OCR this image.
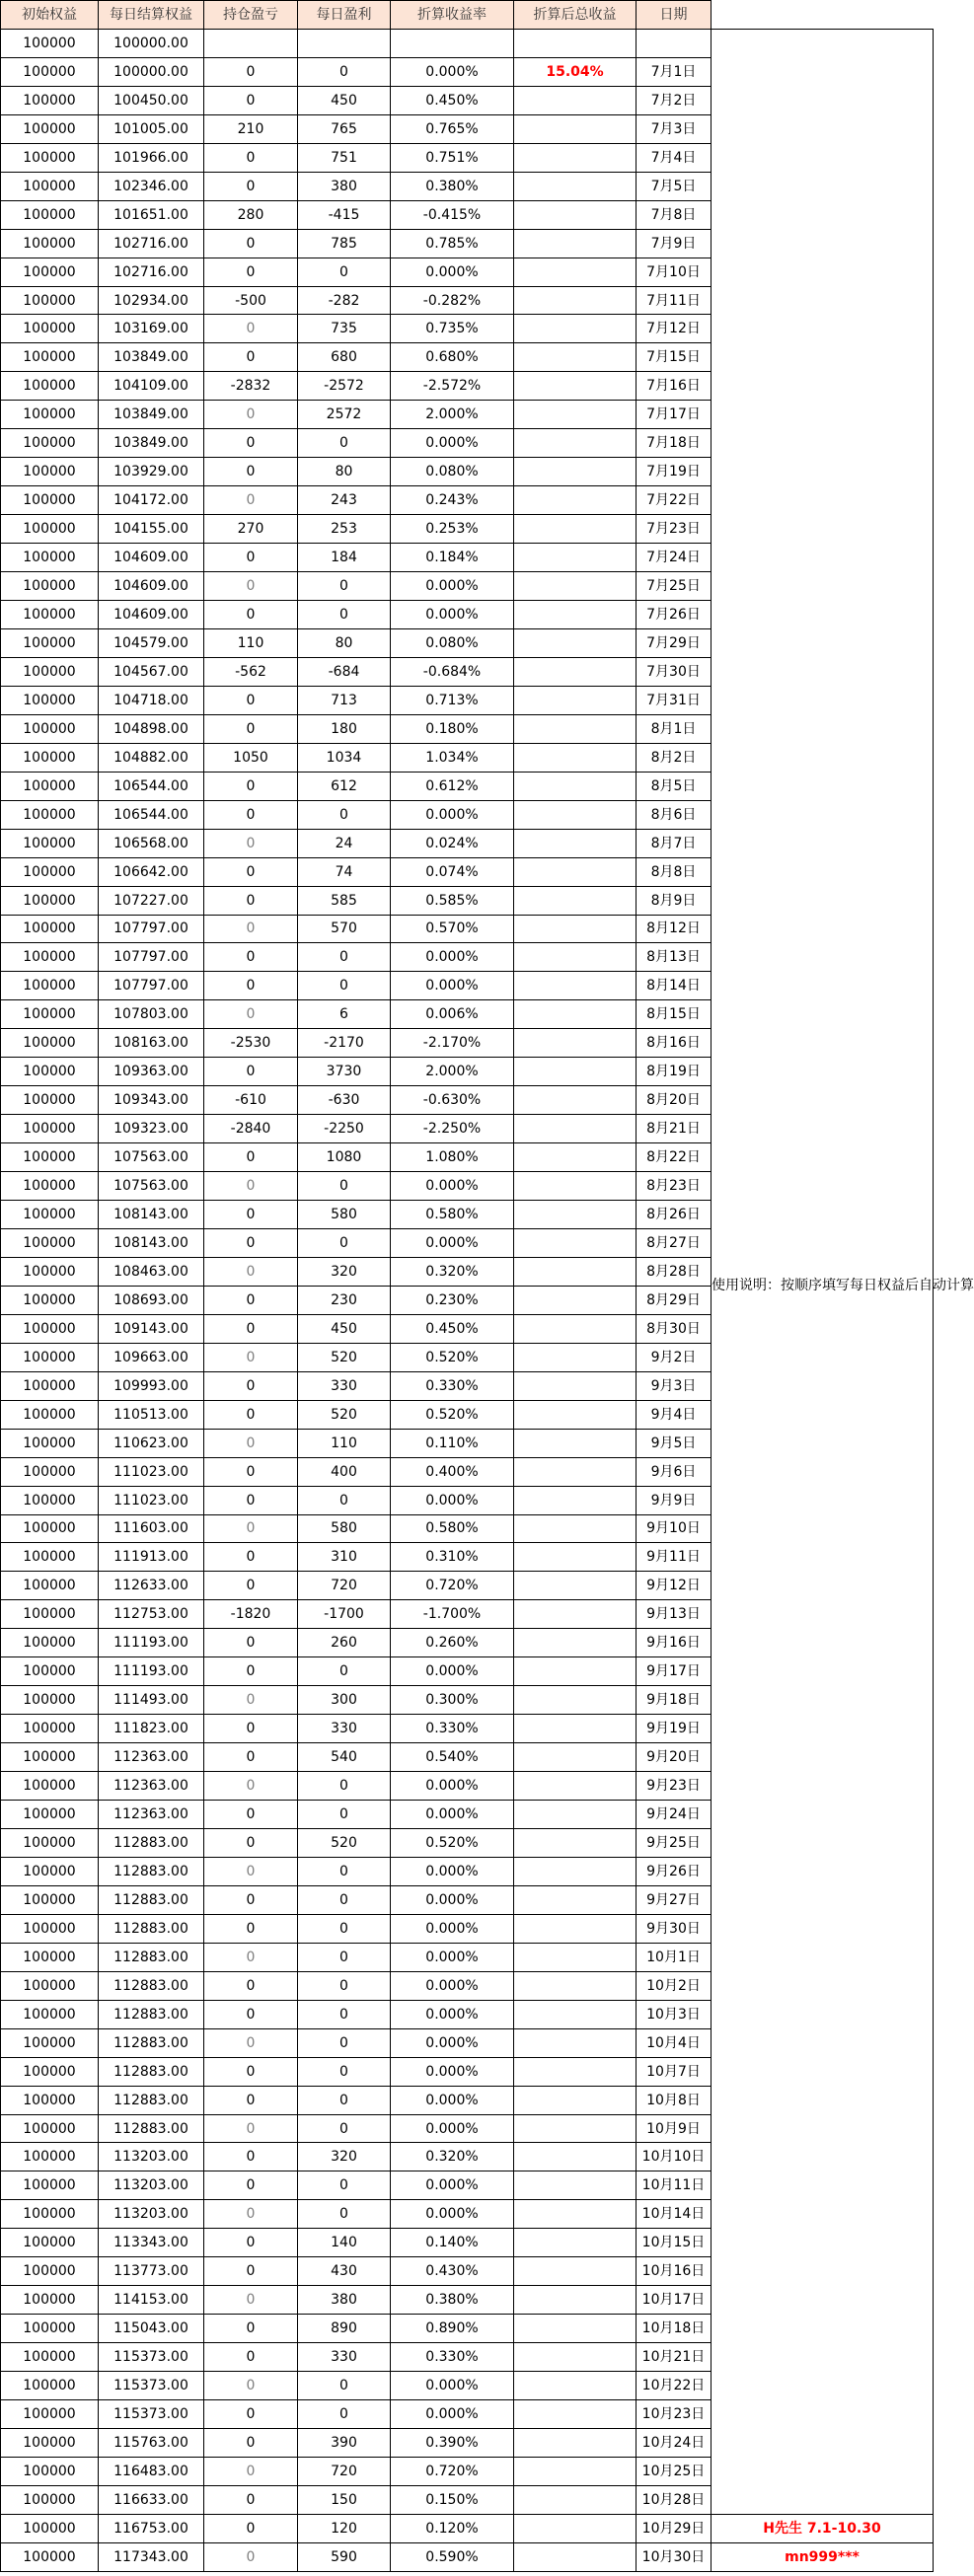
初始权益	每日结算权益	持仓盈亏	每日盈利	折算收益率	折算后总收益	日期	
100000	100000.00						
100000	100000.00	0	0	0.000%	15.04%	7月1日	使用说明：按顺序填写每日权益后自动计算
100000	100450.00	0	450	0.450%		7月2日	
100000	101005.00	210	765	0.765%		7月3日	
100000	101966.00	0	751	0.751%		7月4日	
100000	102346.00	0	380	0.380%		7月5日	
100000	101651.00	280	-415	-0.415%		7月8日	
100000	102716.00	0	785	0.785%		7月9日	
100000	102716.00	0	0	0.000%		7月10日	
100000	102934.00	-500	-282	-0.282%		7月11日	
100000	103169.00	0	735	0.735%		7月12日	
100000	103849.00	0	680	0.680%		7月15日	
100000	104109.00	-2832	-2572	-2.572%		7月16日	
100000	103849.00	0	2572	2.000%		7月17日	
100000	103849.00	0	0	0.000%		7月18日	
100000	103929.00	0	80	0.080%		7月19日	
100000	104172.00	0	243	0.243%		7月22日	
100000	104155.00	270	253	0.253%		7月23日	
100000	104609.00	0	184	0.184%		7月24日	
100000	104609.00	0	0	0.000%		7月25日	
100000	104609.00	0	0	0.000%		7月26日	
100000	104579.00	110	80	0.080%		7月29日	
100000	104567.00	-562	-684	-0.684%		7月30日	
100000	104718.00	0	713	0.713%		7月31日	
100000	104898.00	0	180	0.180%		8月1日	
100000	104882.00	1050	1034	1.034%		8月2日	
100000	106544.00	0	612	0.612%		8月5日	
100000	106544.00	0	0	0.000%		8月6日	
100000	106568.00	0	24	0.024%		8月7日	
100000	106642.00	0	74	0.074%		8月8日	
100000	107227.00	0	585	0.585%		8月9日	
100000	107797.00	0	570	0.570%		8月12日	
100000	107797.00	0	0	0.000%		8月13日	
100000	107797.00	0	0	0.000%		8月14日	
100000	107803.00	0	6	0.006%		8月15日	
100000	108163.00	-2530	-2170	-2.170%		8月16日	
100000	109363.00	0	3730	2.000%		8月19日	
100000	109343.00	-610	-630	-0.630%		8月20日	
100000	109323.00	-2840	-2250	-2.250%		8月21日	
100000	107563.00	0	1080	1.080%		8月22日	
100000	107563.00	0	0	0.000%		8月23日	
100000	108143.00	0	580	0.580%		8月26日	
100000	108143.00	0	0	0.000%		8月27日	
100000	108463.00	0	320	0.320%		8月28日	
100000	108693.00	0	230	0.230%		8月29日	
100000	109143.00	0	450	0.450%		8月30日	
100000	109663.00	0	520	0.520%		9月2日	
100000	109993.00	0	330	0.330%		9月3日	
100000	110513.00	0	520	0.520%		9月4日	
100000	110623.00	0	110	0.110%		9月5日	
100000	111023.00	0	400	0.400%		9月6日	
100000	111023.00	0	0	0.000%		9月9日	
100000	111603.00	0	580	0.580%		9月10日	
100000	111913.00	0	310	0.310%		9月11日	
100000	112633.00	0	720	0.720%		9月12日	
100000	112753.00	-1820	-1700	-1.700%		9月13日	
100000	111193.00	0	260	0.260%		9月16日	
100000	111193.00	0	0	0.000%		9月17日	
100000	111493.00	0	300	0.300%		9月18日	
100000	111823.00	0	330	0.330%		9月19日	
100000	112363.00	0	540	0.540%		9月20日	
100000	112363.00	0	0	0.000%		9月23日	
100000	112363.00	0	0	0.000%		9月24日	
100000	112883.00	0	520	0.520%		9月25日	
100000	112883.00	0	0	0.000%		9月26日	
100000	112883.00	0	0	0.000%		9月27日	
100000	112883.00	0	0	0.000%		9月30日	
100000	112883.00	0	0	0.000%		10月1日	
100000	112883.00	0	0	0.000%		10月2日	
100000	112883.00	0	0	0.000%		10月3日	
100000	112883.00	0	0	0.000%		10月4日	
100000	112883.00	0	0	0.000%		10月7日	
100000	112883.00	0	0	0.000%		10月8日	
100000	112883.00	0	0	0.000%		10月9日	
100000	113203.00	0	320	0.320%		10月10日	
100000	113203.00	0	0	0.000%		10月11日	
100000	113203.00	0	0	0.000%		10月14日	
100000	113343.00	0	140	0.140%		10月15日	
100000	113773.00	0	430	0.430%		10月16日	
100000	114153.00	0	380	0.380%		10月17日	
100000	115043.00	0	890	0.890%		10月18日	
100000	115373.00	0	330	0.330%		10月21日	
100000	115373.00	0	0	0.000%		10月22日	
100000	115373.00	0	0	0.000%		10月23日	
100000	115763.00	0	390	0.390%		10月24日	
100000	116483.00	0	720	0.720%		10月25日	
100000	116633.00	0	150	0.150%		10月28日	
100000	116753.00	0	120	0.120%		10月29日	H先生 7.1-10.30
100000	117343.00	0	590	0.590%		10月30日	mn999***
